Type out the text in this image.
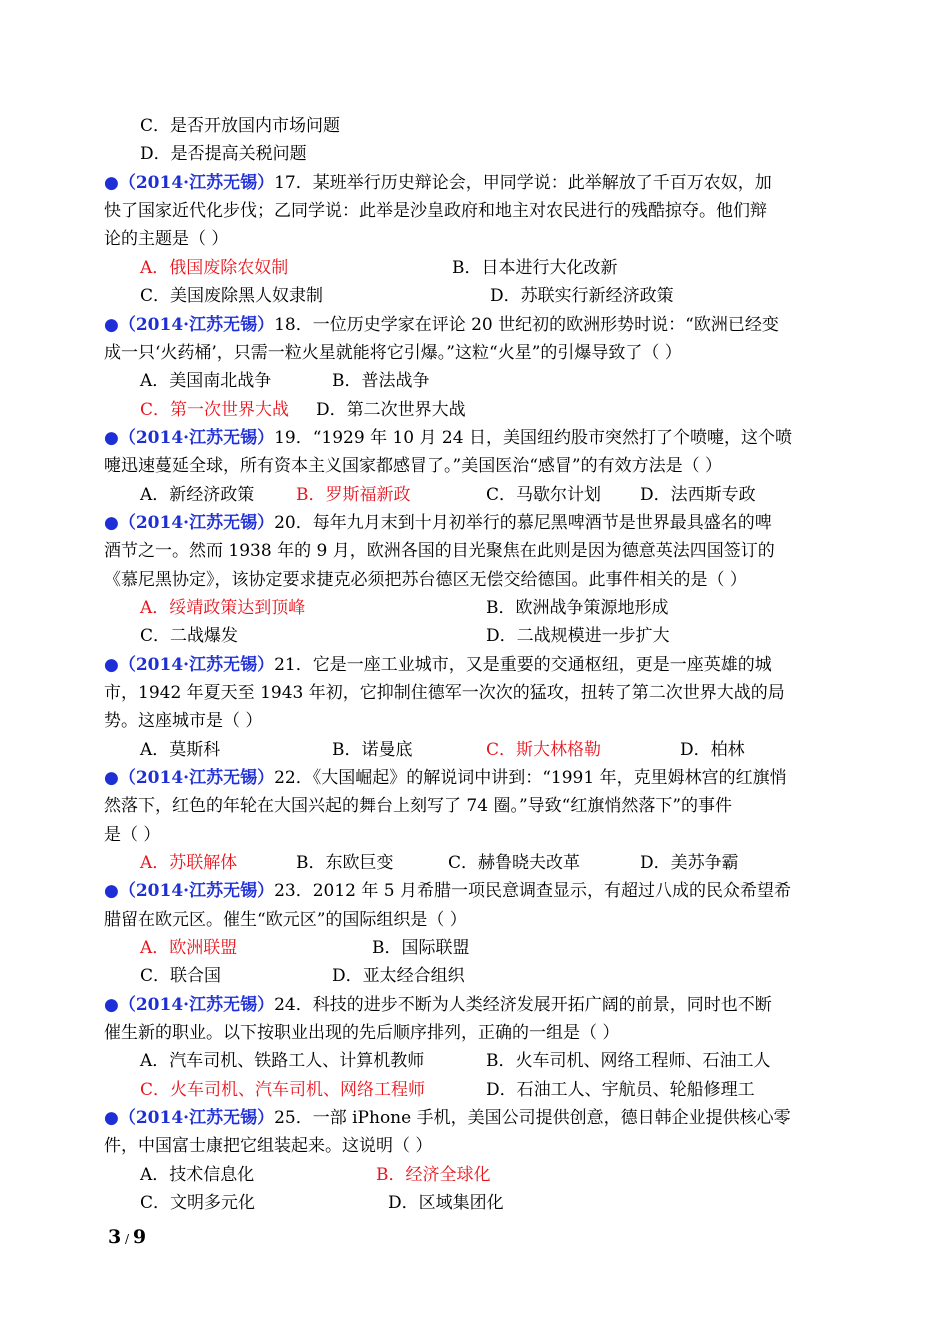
C．是否开放国内市场问题
D．是否提高关税问题
●（2014·江苏无锡）17．某班举行历史辩论会，甲同学说：此举解放了千百万农奴，加
快了国家近代化步伐；乙同学说：此举是沙皇政府和地主对农民进行的残酷掠夺。他们辩
论的主题是（ ）
A．俄国废除农奴制	B．日本进行大化改新
C．美国废除黑人奴隶制	D．苏联实行新经济政策
●（2014·江苏无锡）18．一位历史学家在评论 20 世纪初的欧洲形势时说：“欧洲已经变
成一只‘火药桶’，只需一粒火星就能将它引爆。”这粒“火星”的引爆导致了（ ）
A．美国南北战争	B．普法战争
C．第一次世界大战 D．第二次世界大战
●（2014·江苏无锡）19．“1929 年 10 月 24 日，美国纽约股市突然打了个喷嚏，这个喷
嚏迅速蔓延全球，所有资本主义国家都感冒了。”美国医治“感冒”的有效方法是（ ）
A．新经济政策 B．罗斯福新政	C．马歇尔计划 D．法西斯专政
●（2014·江苏无锡）20．每年九月末到十月初举行的慕尼黑啤酒节是世界最具盛名的啤
酒节之一。然而 1938 年的 9 月，欧洲各国的目光聚焦在此则是因为德意英法四国签订的
《慕尼黑协定》，该协定要求捷克必须把苏台德区无偿交给德国。此事件相关的是（ ）
A．绥靖政策达到顶峰	B．欧洲战争策源地形成
C．二战爆发	D．二战规模进一步扩大
●（2014·江苏无锡）21．它是一座工业城市，又是重要的交通枢纽，更是一座英雄的城
市，1942 年夏天至 1943 年初，它抑制住德军一次次的猛攻，扭转了第二次世界大战的局
势。这座城市是（ ）
A．莫斯科	B．诺曼底	C．斯大林格勒	D．柏林
●（2014·江苏无锡）22．《大国崛起》的解说词中讲到：“1991 年，克里姆林宫的红旗悄
然落下，红色的年轮在大国兴起的舞台上刻写了 74 圈。”导致“红旗悄然落下”的事件
是（ ）
A．苏联解体	B．东欧巨变	C．赫鲁晓夫改革	D．美苏争霸
●（2014·江苏无锡）23．2012 年 5 月希腊一项民意调查显示，有超过八成的民众希望希
腊留在欧元区。催生“欧元区”的国际组织是（ ）
A．欧洲联盟	B．国际联盟
C．联合国	D．亚太经合组织
●（2014·江苏无锡）24．科技的进步不断为人类经济发展开拓广阔的前景，同时也不断
催生新的职业。以下按职业出现的先后顺序排列，正确的一组是（ ）
A．汽车司机、铁路工人、计算机教师	B．火车司机、网络工程师、石油工人
C．火车司机、汽车司机、网络工程师	D．石油工人、宇航员、轮船修理工
●（2014·江苏无锡）25．一部 iPhone 手机，美国公司提供创意，德日韩企业提供核心零
件，中国富士康把它组装起来。这说明（ ）
A．技术信息化	B．经济全球化
C．文明多元化	D．区域集团化
3 / 9
